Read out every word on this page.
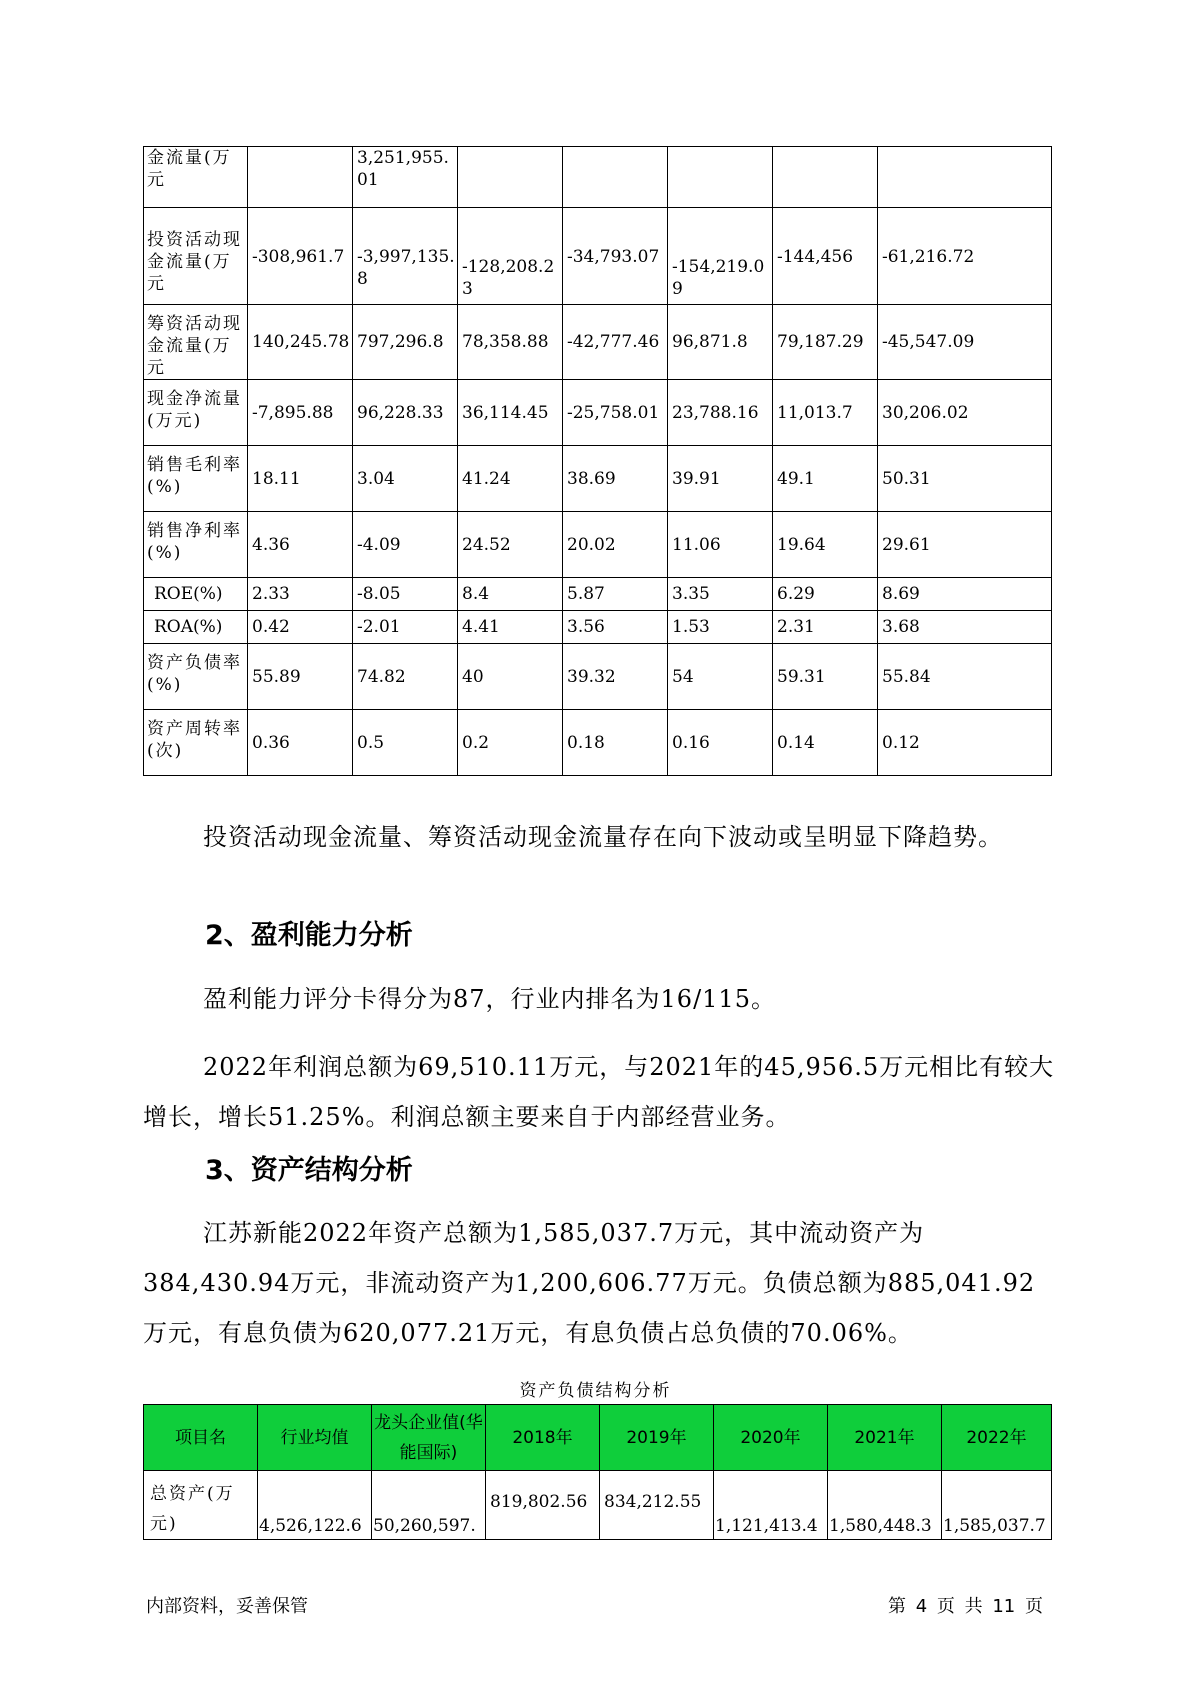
金流量(万元		3,251,955.01					
投资活动现金流量(万元	-308,961.7	-3,997,135.8	-128,208.23	-34,793.07	-154,219.09	-144,456	-61,216.72
筹资活动现金流量(万元	140,245.78	797,296.8	78,358.88	-42,777.46	96,871.8	79,187.29	-45,547.09
现金净流量(万元)	-7,895.88	96,228.33	36,114.45	-25,758.01	23,788.16	11,013.7	30,206.02
销售毛利率(%)	18.11	3.04	41.24	38.69	39.91	49.1	50.31
销售净利率(%)	4.36	-4.09	24.52	20.02	11.06	19.64	29.61
ROE(%)	2.33	-8.05	8.4	5.87	3.35	6.29	8.69
ROA(%)	0.42	-2.01	4.41	3.56	1.53	2.31	3.68
资产负债率(%)	55.89	74.82	40	39.32	54	59.31	55.84
资产周转率(次)	0.36	0.5	0.2	0.18	0.16	0.14	0.12
投资活动现金流量、筹资活动现金流量存在向下波动或呈明显下降趋势。
2、盈利能力分析
盈利能力评分卡得分为87，行业内排名为16/115。
2022年利润总额为69,510.11万元，与2021年的45,956.5万元相比有较大增长，增长51.25%。利润总额主要来自于内部经营业务。
3、资产结构分析
江苏新能2022年资产总额为1,585,037.7万元，其中流动资产为384,430.94万元，非流动资产为1,200,606.77万元。负债总额为885,041.92万元，有息负债为620,077.21万元，有息负债占总负债的70.06%。
资产负债结构分析
项目名	行业均值	龙头企业值(华能国际)	2018年	2019年	2020年	2021年	2022年
总资产(万元)	4,526,122.6	50,260,597.	819,802.56	834,212.55	1,121,413.4	1,580,448.3	1,585,037.7
内部资料，妥善保管	第 4 页 共 11 页
